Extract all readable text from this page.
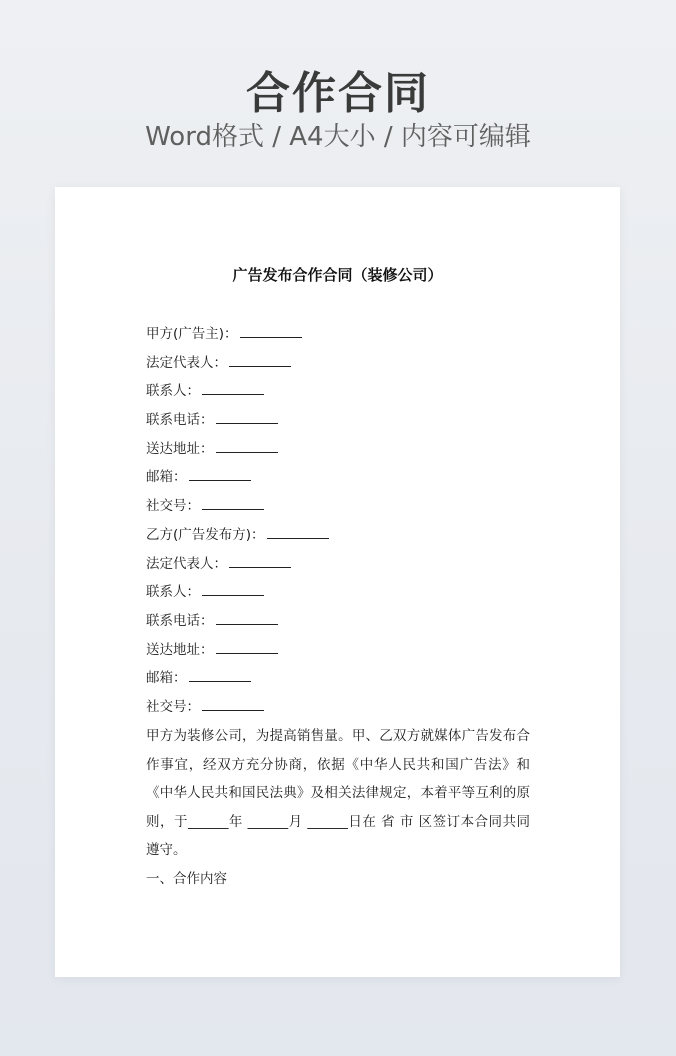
合作合同
Word格式 / A4大小 / 内容可编辑
广告发布合作合同（装修公司）
甲方(广告主)：
法定代表人：
联系人：
联系电话：
送达地址：
邮箱：
社交号：
乙方(广告发布方)：
法定代表人：
联系人：
联系电话：
送达地址：
邮箱：
社交号：
甲方为装修公司，为提高销售量。甲、乙双方就媒体广告发布合作事宜，经双方充分协商，依据《中华人民共和国广告法》和《中华人民共和国民法典》及相关法律规定，本着平等互利的原则，于______年 ______月 ______日在 省 市 区签订本合同共同遵守。
一、合作内容
